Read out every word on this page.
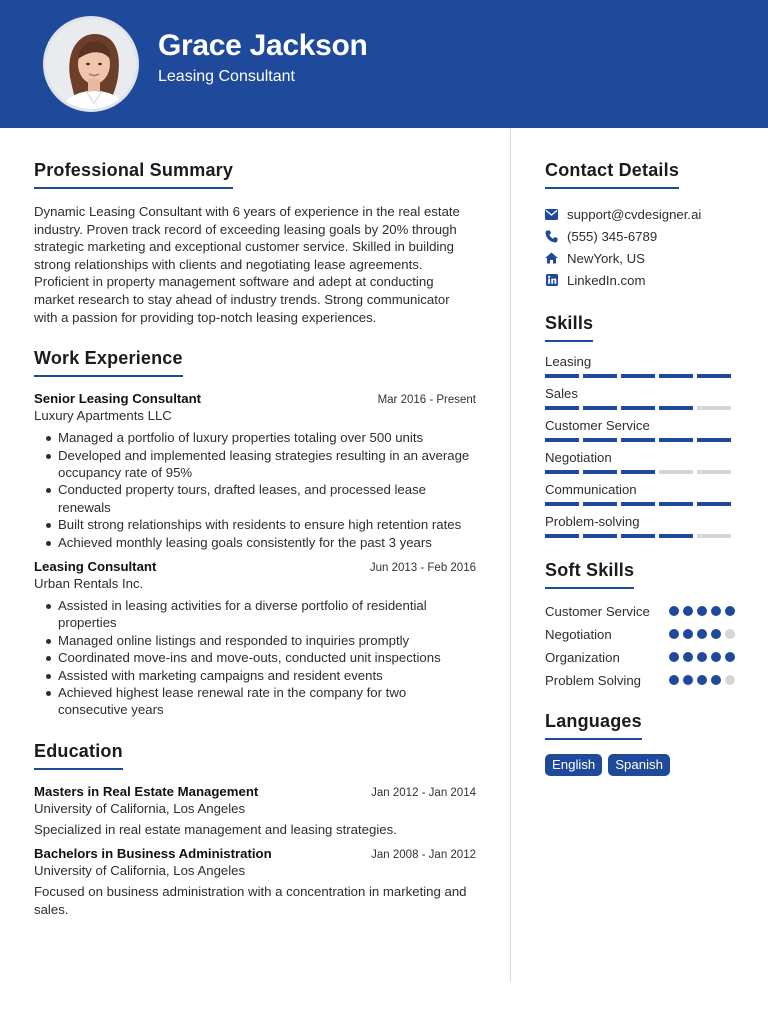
Grace Jackson
Leasing Consultant
Professional Summary

Dynamic Leasing Consultant with 6 years of experience in the real estate industry. Proven track record of exceeding leasing goals by 20% through strategic marketing and exceptional customer service. Skilled in building strong relationships with clients and negotiating lease agreements. Proficient in property management software and adept at conducting market research to stay ahead of industry trends. Strong communicator with a passion for providing top-notch leasing experiences.

Work Experience
Senior Leasing Consultant	Mar 2016 - Present
Luxury Apartments LLC
Managed a portfolio of luxury properties totaling over 500 units
Developed and implemented leasing strategies resulting in an average occupancy rate of 95%
Conducted property tours, drafted leases, and processed lease renewals
Built strong relationships with residents to ensure high retention rates
Achieved monthly leasing goals consistently for the past 3 years
Leasing Consultant	Jun 2013 - Feb 2016
Urban Rentals Inc.
Assisted in leasing activities for a diverse portfolio of residential properties
Managed online listings and responded to inquiries promptly
Coordinated move-ins and move-outs, conducted unit inspections
Assisted with marketing campaigns and resident events
Achieved highest lease renewal rate in the company for two consecutive years
Education
Masters in Real Estate Management	Jan 2012 - Jan 2014
University of California, Los Angeles

Specialized in real estate management and leasing strategies.

Bachelors in Business Administration	Jan 2008 - Jan 2012
University of California, Los Angeles

Focused on business administration with a concentration in marketing and sales.

Contact Details
support@cvdesigner.ai
(555) 345-6789
NewYork, US
LinkedIn.com
Skills
Leasing
Sales
Customer Service
Negotiation
Communication
Problem-solving
Soft Skills
Customer Service
Negotiation
Organization
Problem Solving
Languages
English	Spanish
